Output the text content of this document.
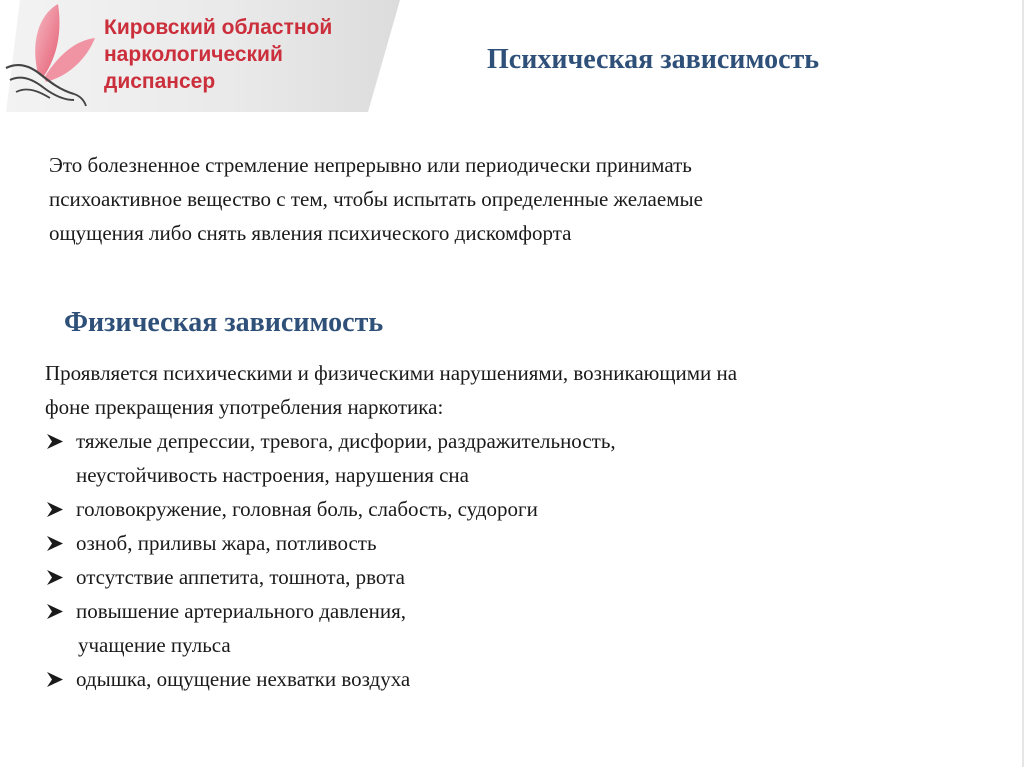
Кировский областной
наркологический
диспансер
Психическая зависимость
Это болезненное стремление непрерывно или периодически принимать
психоактивное вещество с тем, чтобы испытать определенные желаемые
ощущения либо снять явления психического дискомфорта
Физическая зависимость
Проявляется психическими и физическими нарушениями, возникающими на
фоне прекращения употребления наркотика:
тяжелые депрессии, тревога, дисфории, раздражительность,
неустойчивость настроения, нарушения сна
головокружение, головная боль, слабость, судороги
озноб, приливы жара, потливость
отсутствие аппетита, тошнота, рвота
повышение артериального давления,
учащение пульса
одышка, ощущение нехватки воздуха
